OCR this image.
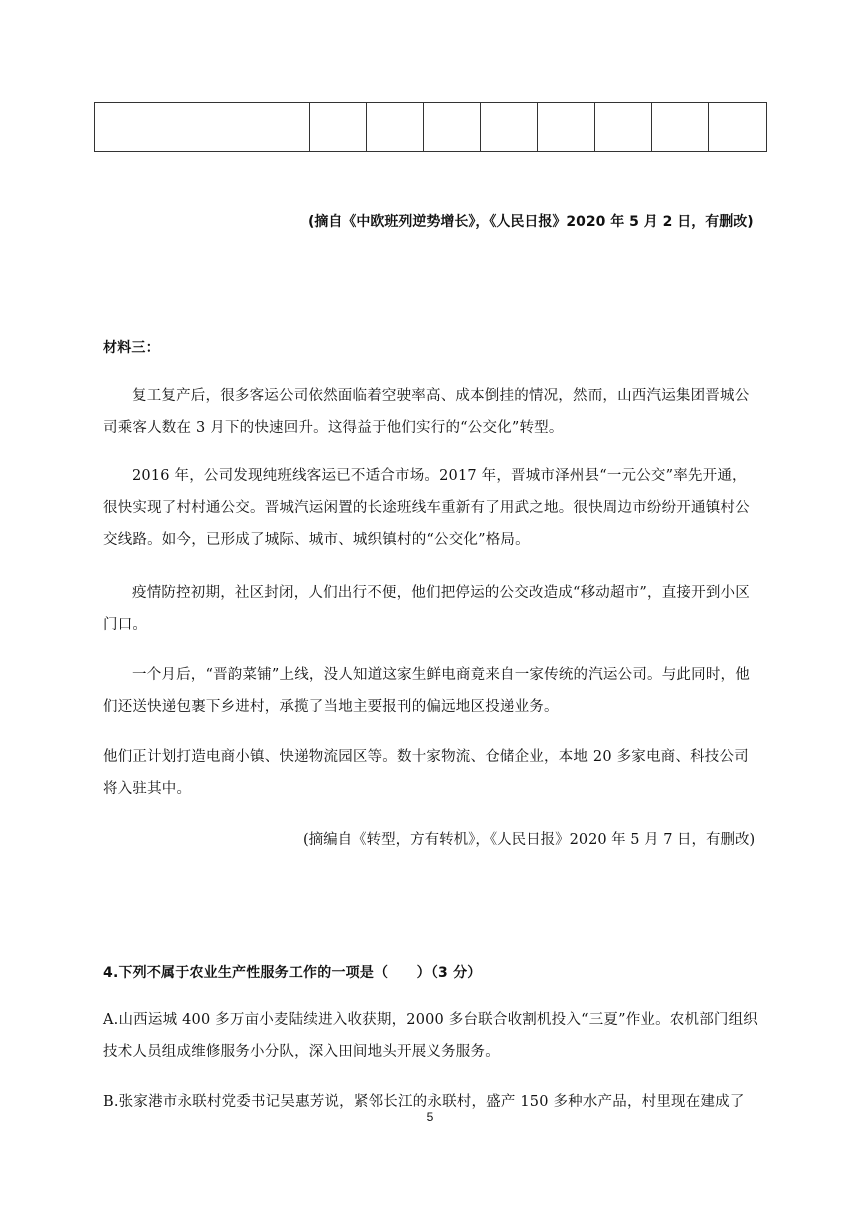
(摘自《中欧班列逆势增长》，《人民日报》2020 年 5 月 2 日，有删改)

材料三：

复工复产后，很多客运公司依然面临着空驶率高、成本倒挂的情况，然而，山西汽运集团晋城公司乘客人数在 3 月下的快速回升。这得益于他们实行的“公交化”转型。

2016 年，公司发现纯班线客运已不适合市场。2017 年，晋城市泽州县“一元公交”率先开通，很快实现了村村通公交。晋城汽运闲置的长途班线车重新有了用武之地。很快周边市纷纷开通镇村公交线路。如今，已形成了城际、城市、城织镇村的“公交化”格局。

疫情防控初期，社区封闭，人们出行不便，他们把停运的公交改造成“移动超市”，直接开到小区门口。

一个月后，“晋韵菜铺”上线，没人知道这家生鲜电商竟来自一家传统的汽运公司。与此同时，他们还送快递包裹下乡进村，承揽了当地主要报刊的偏远地区投递业务。

他们正计划打造电商小镇、快递物流园区等。数十家物流、仓储企业，本地 20 多家电商、科技公司将入驻其中。

(摘编自《转型，方有转机》，《人民日报》2020 年 5 月 7 日，有删改)

4.下列不属于农业生产性服务工作的一项是（　　）（3 分）

A.山西运城 400 多万亩小麦陆续进入收获期，2000 多台联合收割机投入“三夏”作业。农机部门组织技术人员组成维修服务小分队，深入田间地头开展义务服务。

B.张家港市永联村党委书记吴惠芳说，紧邻长江的永联村，盛产 150 多种水产品，村里现在建成了

5
